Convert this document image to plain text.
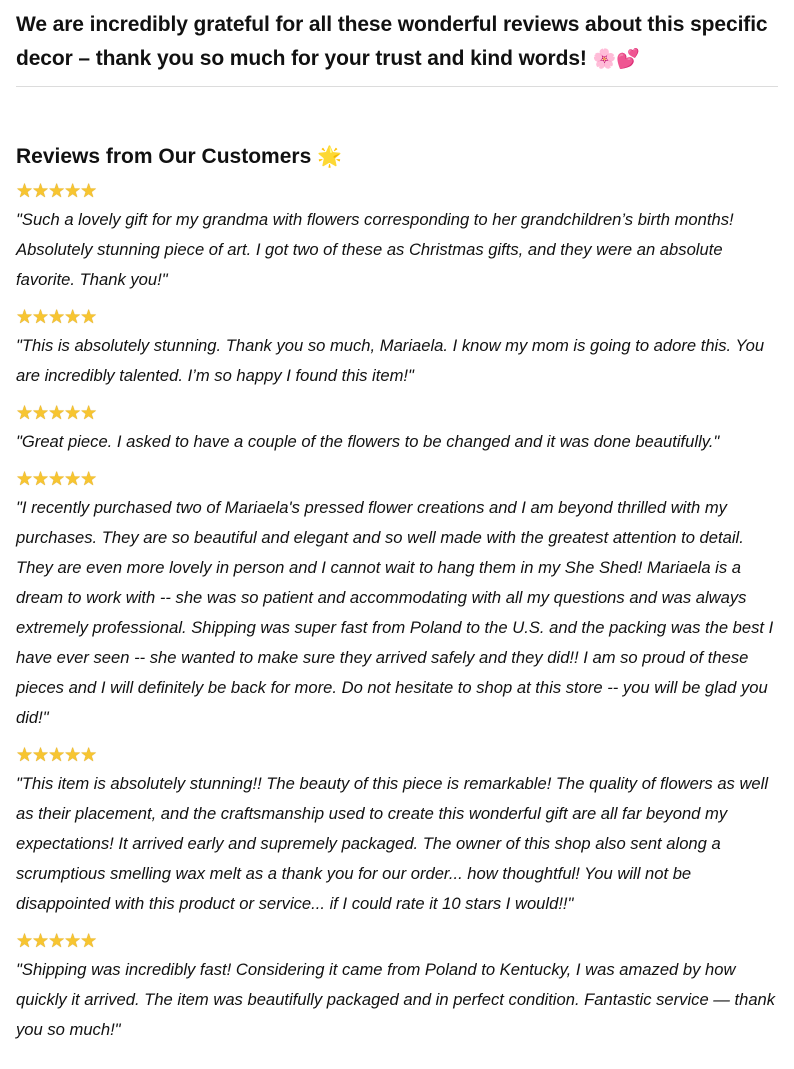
We are incredibly grateful for all these wonderful reviews about this specific decor – thank you so much for your trust and kind words! 🌸💕

Reviews from Our Customers 🌟
★★★★★

"Such a lovely gift for my grandma with flowers corresponding to her grandchildren’s birth months! Absolutely stunning piece of art. I got two of these as Christmas gifts, and they were an absolute favorite. Thank you!"

★★★★★

"This is absolutely stunning. Thank you so much, Mariaela. I know my mom is going to adore this. You are incredibly talented. I’m so happy I found this item!"

★★★★★

"Great piece. I asked to have a couple of the flowers to be changed and it was done beautifully."

★★★★★

"I recently purchased two of Mariaela's pressed flower creations and I am beyond thrilled with my purchases. They are so beautiful and elegant and so well made with the greatest attention to detail. They are even more lovely in person and I cannot wait to hang them in my She Shed! Mariaela is a dream to work with -- she was so patient and accommodating with all my questions and was always extremely professional. Shipping was super fast from Poland to the U.S. and the packing was the best I have ever seen -- she wanted to make sure they arrived safely and they did!! I am so proud of these pieces and I will definitely be back for more. Do not hesitate to shop at this store -- you will be glad you did!"

★★★★★

"This item is absolutely stunning!! The beauty of this piece is remarkable! The quality of flowers as well as their placement, and the craftsmanship used to create this wonderful gift are all far beyond my expectations! It arrived early and supremely packaged. The owner of this shop also sent along a scrumptious smelling wax melt as a thank you for our order... how thoughtful! You will not be disappointed with this product or service... if I could rate it 10 stars I would!!"

★★★★★

"Shipping was incredibly fast! Considering it came from Poland to Kentucky, I was amazed by how quickly it arrived. The item was beautifully packaged and in perfect condition. Fantastic service — thank you so much!"
